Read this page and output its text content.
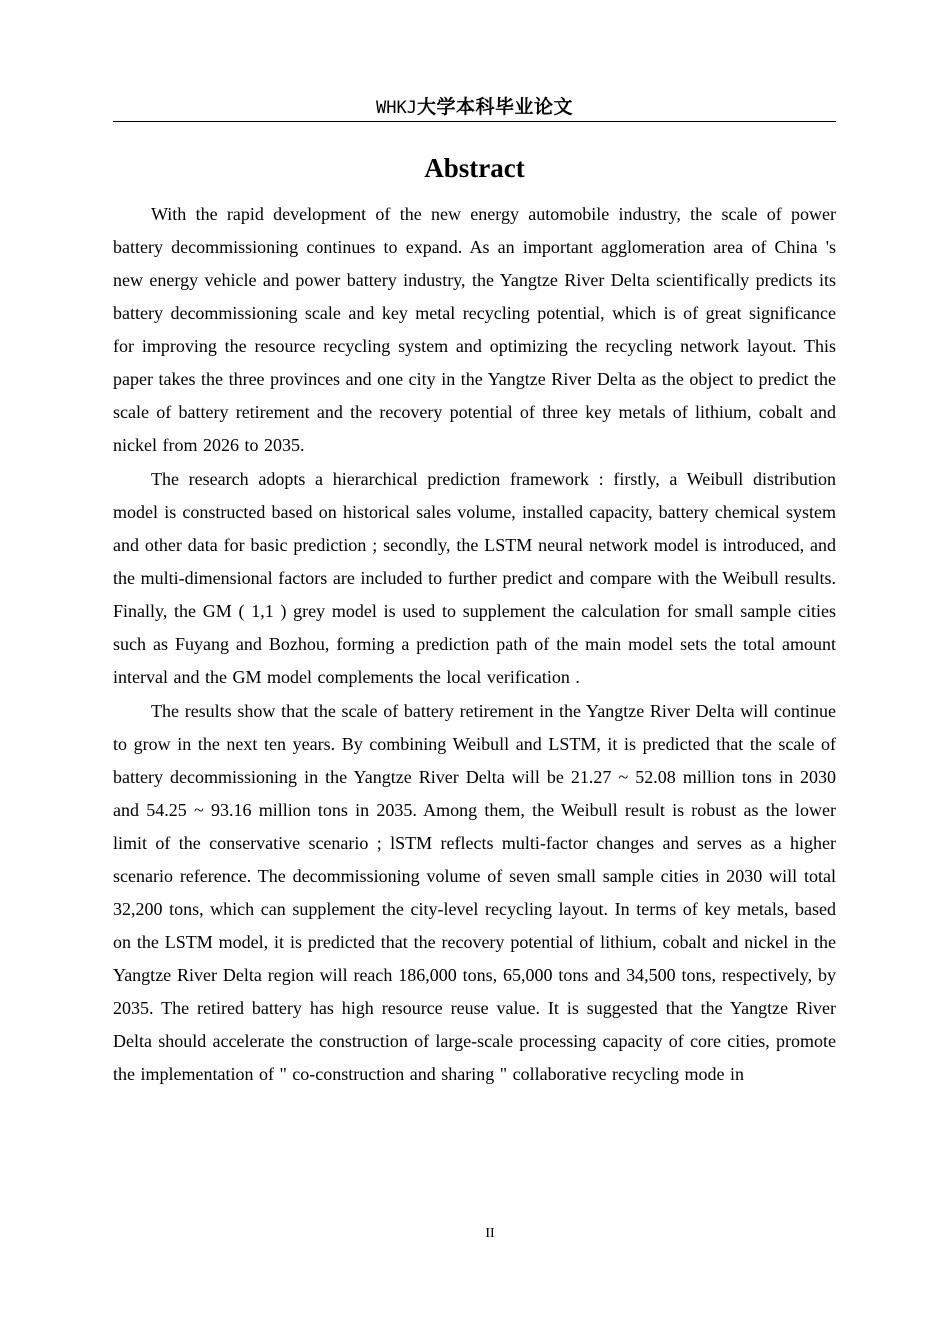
WHKJ大学本科毕业论文
Abstract

With the rapid development of the new energy automobile industry, the scale of power battery decommissioning continues to expand. As an important agglomeration area of China 's new energy vehicle and power battery industry, the Yangtze River Delta scientifically predicts its battery decommissioning scale and key metal recycling potential, which is of great significance for improving the resource recycling system and optimizing the recycling network layout. This paper takes the three provinces and one city in the Yangtze River Delta as the object to predict the scale of battery retirement and the recovery potential of three key metals of lithium, cobalt and nickel from 2026 to 2035.

The research adopts a hierarchical prediction framework : firstly, a Weibull distribution model is constructed based on historical sales volume, installed capacity, battery chemical system and other data for basic prediction ; secondly, the LSTM neural network model is introduced, and the multi-dimensional factors are included to further predict and compare with the Weibull results. Finally, the GM ( 1,1 ) grey model is used to supplement the calculation for small sample cities such as Fuyang and Bozhou, forming a prediction path of the main model sets the total amount interval and the GM model complements the local verification .

The results show that the scale of battery retirement in the Yangtze River Delta will continue to grow in the next ten years. By combining Weibull and LSTM, it is predicted that the scale of battery decommissioning in the Yangtze River Delta will be 21.27 ~ 52.08 million tons in 2030 and 54.25 ~ 93.16 million tons in 2035. Among them, the Weibull result is robust as the lower limit of the conservative scenario ; lSTM reflects multi-factor changes and serves as a higher scenario reference. The decommissioning volume of seven small sample cities in 2030 will total 32,200 tons, which can supplement the city-level recycling layout. In terms of key metals, based on the LSTM model, it is predicted that the recovery potential of lithium, cobalt and nickel in the Yangtze River Delta region will reach 186,000 tons, 65,000 tons and 34,500 tons, respectively, by 2035. The retired battery has high resource reuse value. It is suggested that the Yangtze River Delta should accelerate the construction of large-scale processing capacity of core cities, promote the implementation of " co-construction and sharing " collaborative recycling mode in

II
